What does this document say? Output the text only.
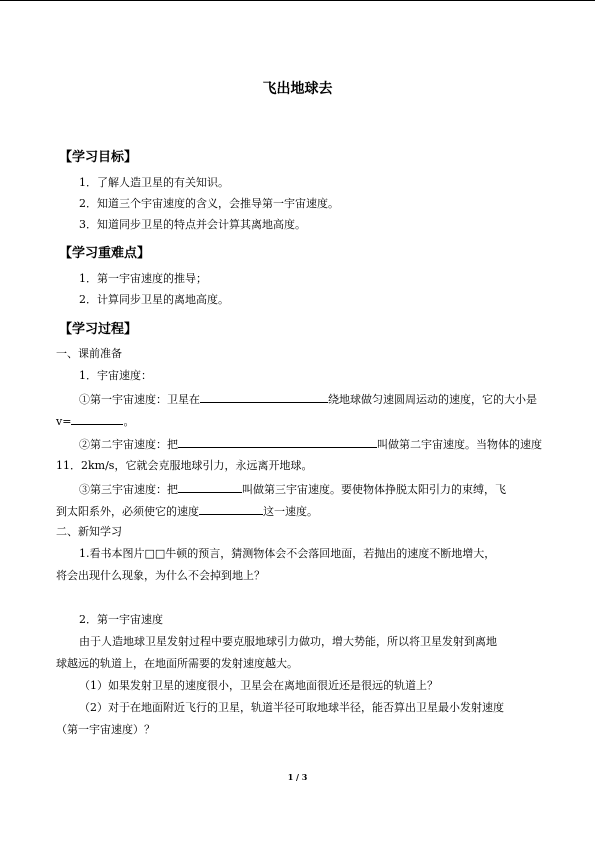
飞出地球去
【学习目标】
1．了解人造卫星的有关知识。
2．知道三个宇宙速度的含义，会推导第一宇宙速度。
3．知道同步卫星的特点并会计算其离地高度。
【学习重难点】
1．第一宇宙速度的推导；
2．计算同步卫星的离地高度。
【学习过程】
一、课前准备
1．宇宙速度：
①第一宇宙速度：卫星在	绕地球做匀速圆周运动的速度，它的大小是
v=	。
②第二宇宙速度：把	叫做第二宇宙速度。当物体的速度
11．2km/s，它就会克服地球引力，永远离开地球。
③第三宇宙速度：把	叫做第三宇宙速度。要使物体挣脱太阳引力的束缚，飞
到太阳系外，必须使它的速度	这一速度。
二、新知学习
1.看书本图片□□牛顿的预言，猜测物体会不会落回地面，若抛出的速度不断地增大，
将会出现什么现象，为什么不会掉到地上？
2．第一宇宙速度
由于人造地球卫星发射过程中要克服地球引力做功，增大势能，所以将卫星发射到离地
球越远的轨道上，在地面所需要的发射速度越大。
（1）如果发射卫星的速度很小，卫星会在离地面很近还是很远的轨道上？
（2）对于在地面附近飞行的卫星，轨道半径可取地球半径，能否算出卫星最小发射速度
（第一宇宙速度）？
1 / 3
